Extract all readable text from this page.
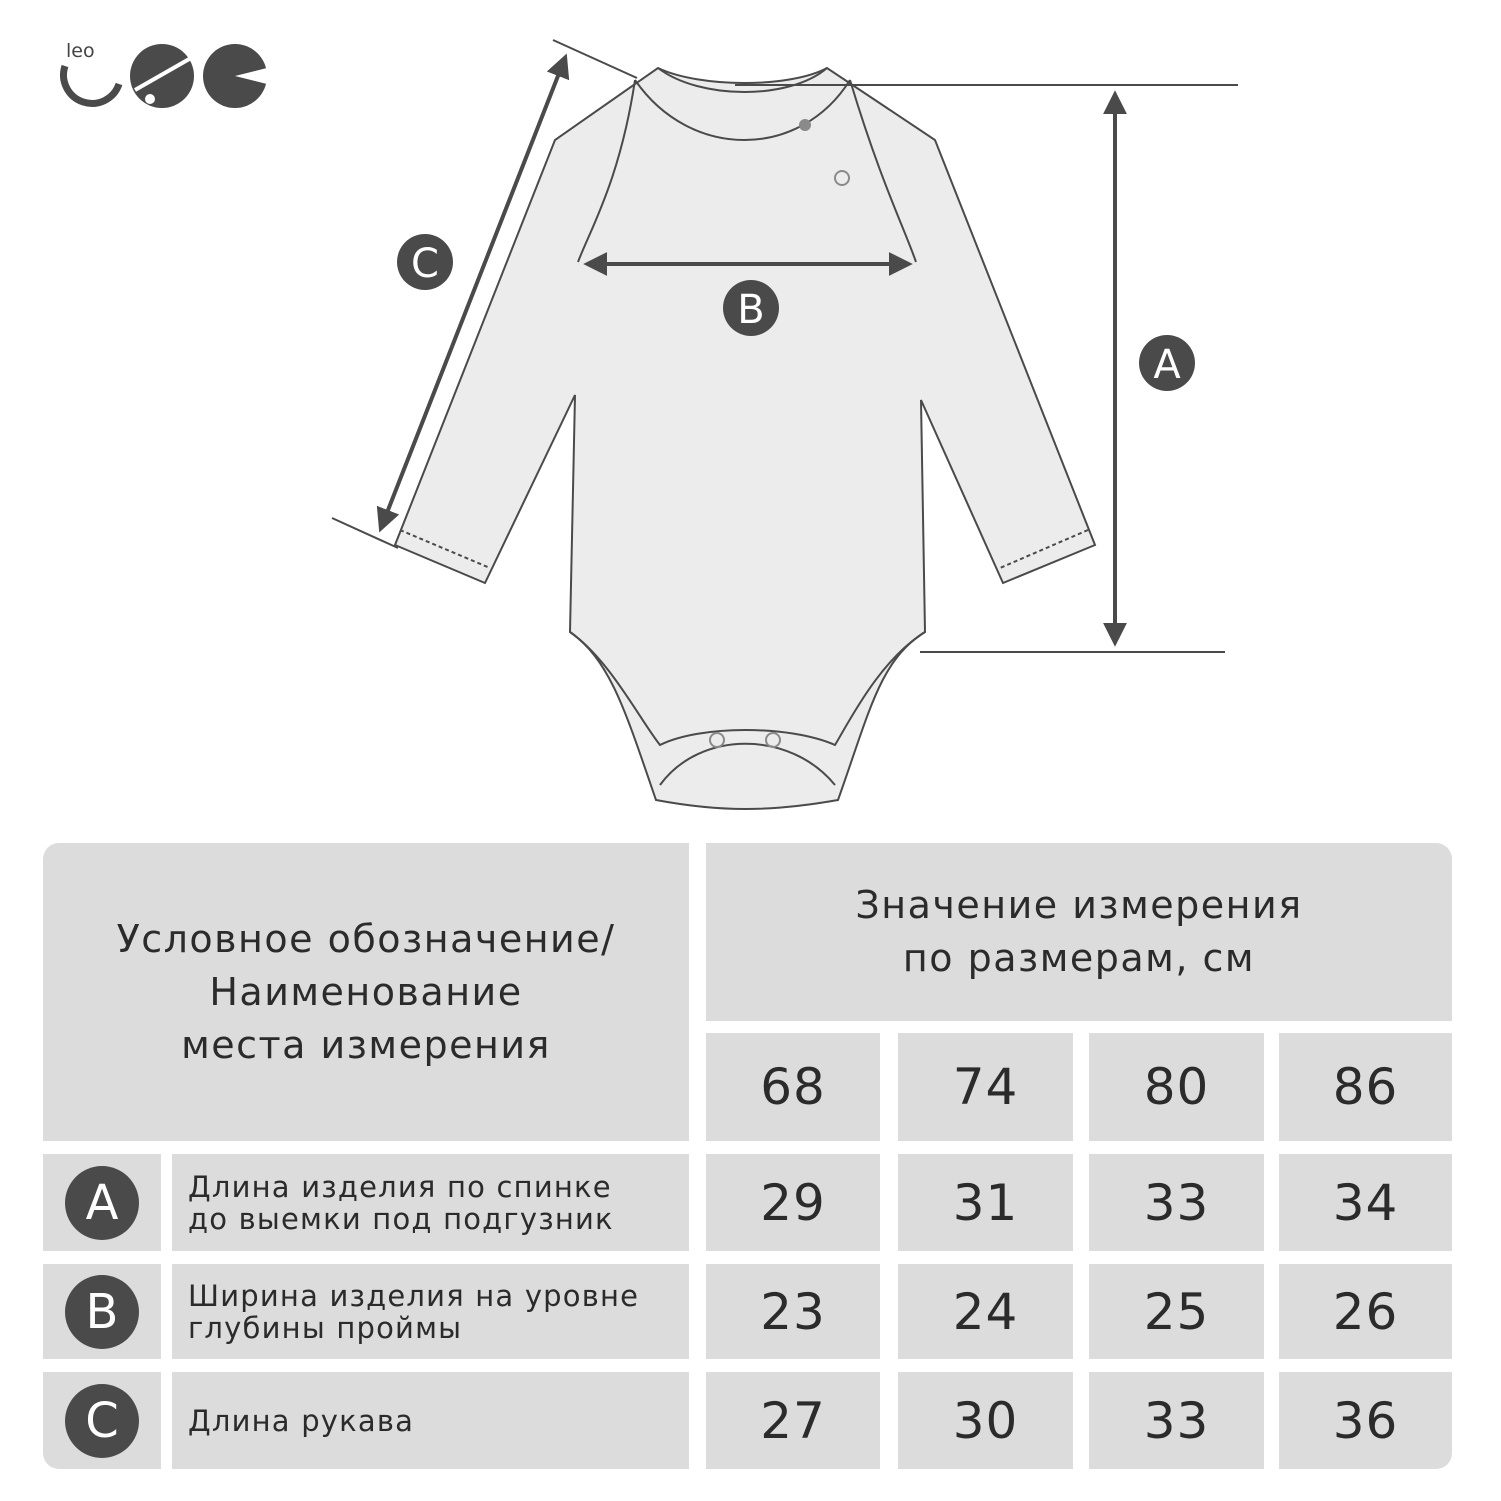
leo
A
B
C
Условное обозначение/
Наименование
места измерения
Значение измерения
по размерам, см
68	74	80	86
A	Длина изделия по спинке
до выемки под подгузник	29	31	33	34
B	Ширина изделия на уровне
глубины проймы	23	24	25	26
C	Длина рукава	27	30	33	36
